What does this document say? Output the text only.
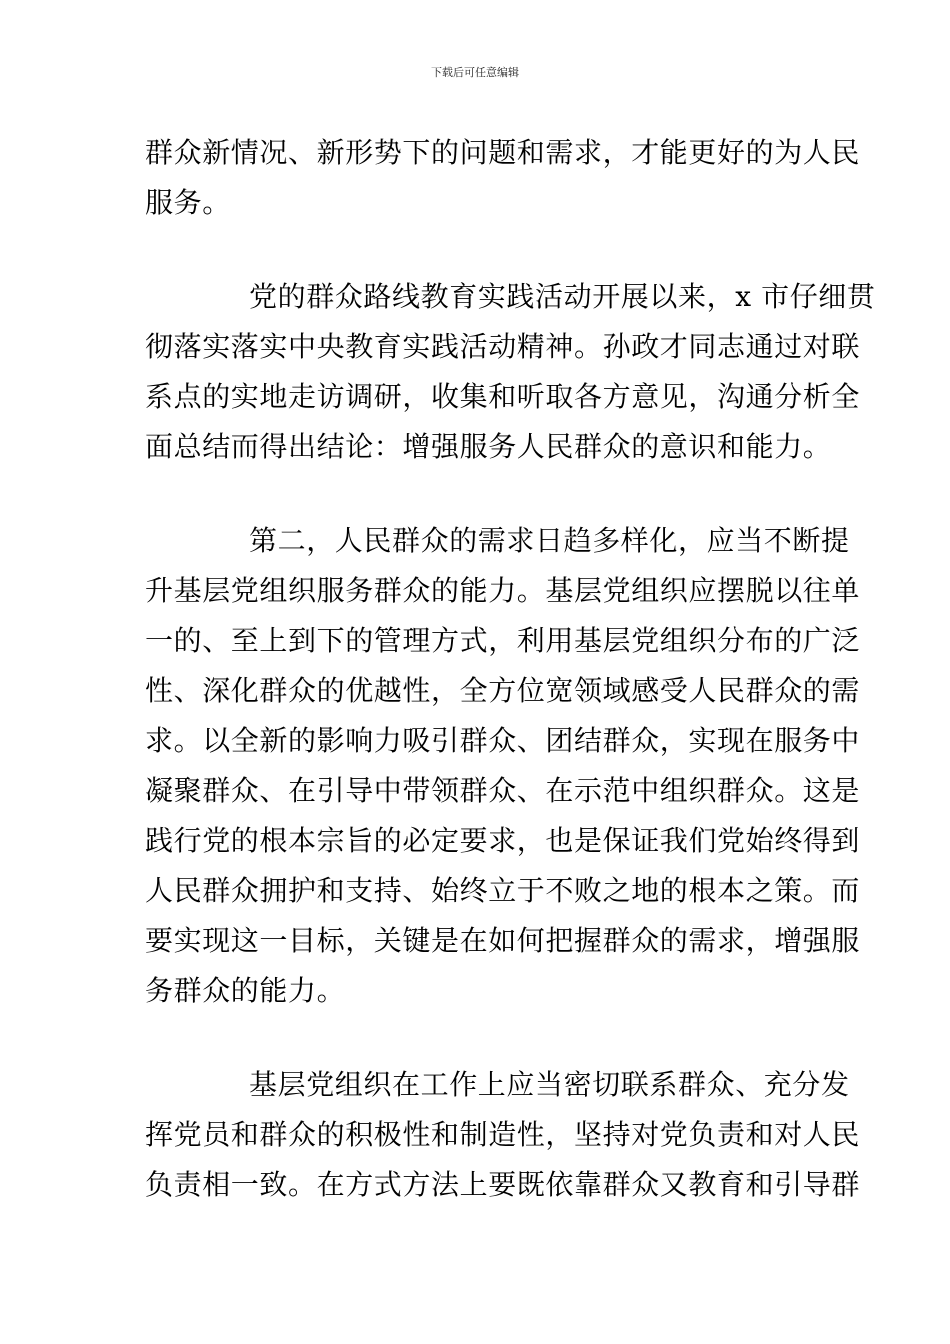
下载后可任意编辑
群众新情况、新形势下的问题和需求，才能更好的为人民
服务。
党的群众路线教育实践活动开展以来，x 市仔细贯
彻落实落实中央教育实践活动精神。孙政才同志通过对联
系点的实地走访调研，收集和听取各方意见，沟通分析全
面总结而得出结论：增强服务人民群众的意识和能力。
第二，人民群众的需求日趋多样化，应当不断提
升基层党组织服务群众的能力。基层党组织应摆脱以往单
一的、至上到下的管理方式，利用基层党组织分布的广泛
性、深化群众的优越性，全方位宽领域感受人民群众的需
求。以全新的影响力吸引群众、团结群众，实现在服务中
凝聚群众、在引导中带领群众、在示范中组织群众。这是
践行党的根本宗旨的必定要求，也是保证我们党始终得到
人民群众拥护和支持、始终立于不败之地的根本之策。而
要实现这一目标，关键是在如何把握群众的需求，增强服
务群众的能力。
基层党组织在工作上应当密切联系群众、充分发
挥党员和群众的积极性和制造性，坚持对党负责和对人民
负责相一致。在方式方法上要既依靠群众又教育和引导群
